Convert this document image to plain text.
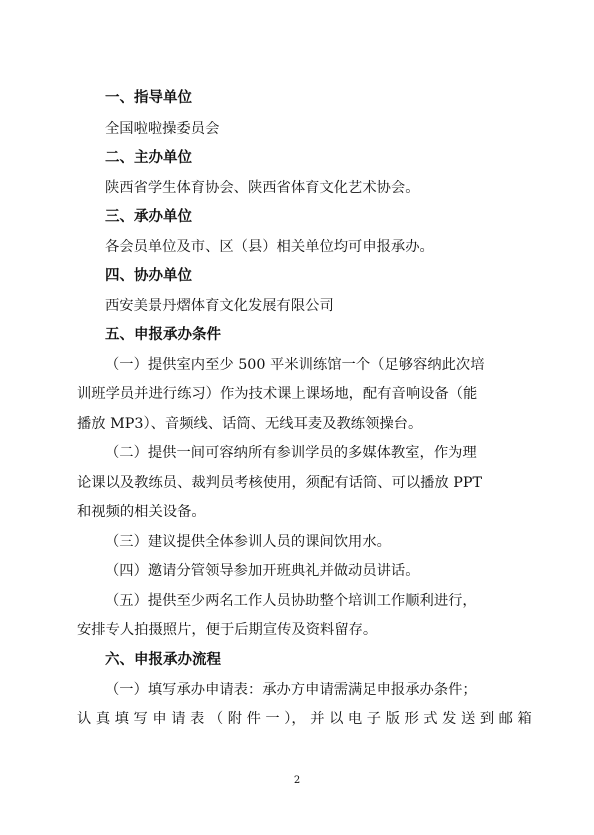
一、指导单位
全国啦啦操委员会
二、主办单位
陕西省学生体育协会、陕西省体育文化艺术协会。
三、承办单位
各会员单位及市、区（县）相关单位均可申报承办。
四、协办单位
西安美景丹熠体育文化发展有限公司
五、申报承办条件
（一）提供室内至少 500 平米训练馆一个（足够容纳此次培
训班学员并进行练习）作为技术课上课场地，配有音响设备（能
播放 MP3）、音频线、话筒、无线耳麦及教练领操台。
（二）提供一间可容纳所有参训学员的多媒体教室，作为理
论课以及教练员、裁判员考核使用，须配有话筒、可以播放 PPT
和视频的相关设备。
（三）建议提供全体参训人员的课间饮用水。
（四）邀请分管领导参加开班典礼并做动员讲话。
（五）提供至少两名工作人员协助整个培训工作顺利进行，
安排专人拍摄照片，便于后期宣传及资料留存。
六、申报承办流程
（一）填写承办申请表：承办方申请需满足申报承办条件；
认 真 填 写 申 请 表 （ 附 件 一 ）， 并 以 电 子 版 形 式 发 送 到 邮 箱
2
